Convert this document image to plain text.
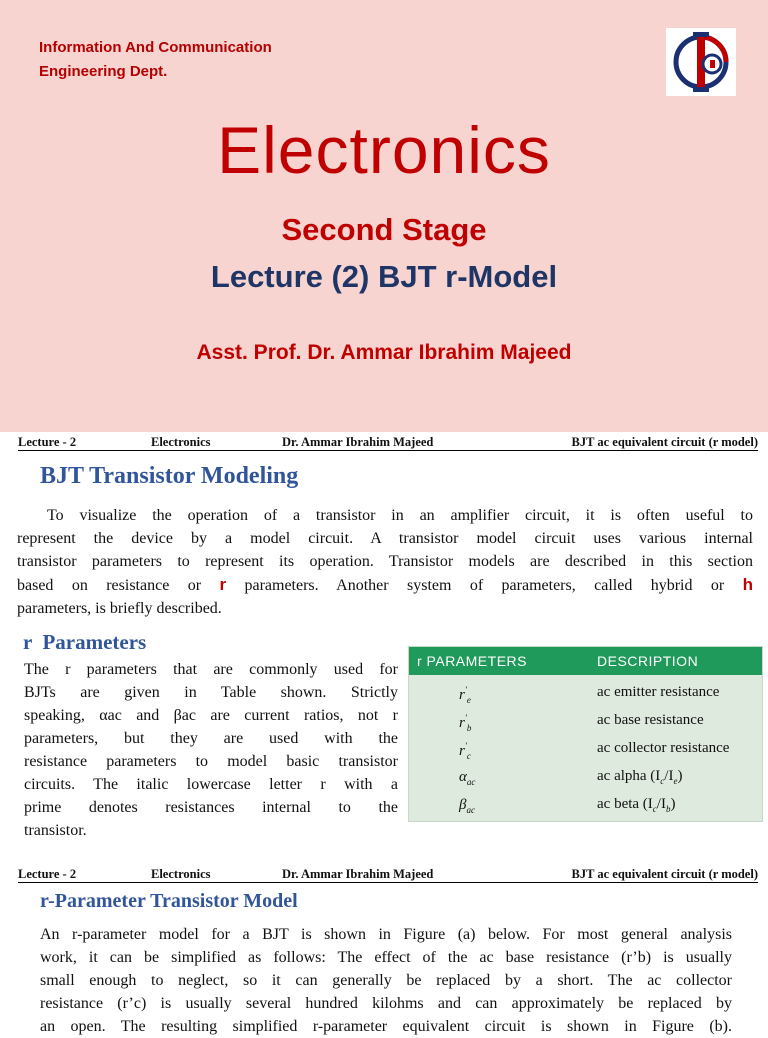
Information And Communication
Engineering Dept.
Electronics
Second Stage
Lecture (2) BJT r-Model
Asst. Prof. Dr. Ammar Ibrahim Majeed
Lecture - 2	Electronics	Dr. Ammar Ibrahim Majeed	BJT ac equivalent circuit (r model)
BJT Transistor Modeling
To visualize the operation of a transistor in an amplifier circuit, it is often useful to
represent the device by a model circuit. A transistor model circuit uses various internal
transistor parameters to represent its operation. Transistor models are described in this section
based on resistance or r parameters. Another system of parameters, called hybrid or h
parameters, is briefly described.
r  Parameters
The r parameters that are commonly used for
BJTs are given in Table shown. Strictly
speaking, αac and βac are current ratios, not r
parameters, but they are used with the
resistance parameters to model basic transistor
circuits. The italic lowercase letter r with a
prime denotes resistances internal to the
transistor.
r PARAMETERS	DESCRIPTION
$r'_e$	ac emitter resistance
$r'_b$	ac base resistance
$r'_c$	ac collector resistance
$\alpha_{ac}$	ac alpha $(I_c/I_e)$
$\beta_{ac}$	ac beta $(I_c/I_b)$
Lecture - 2	Electronics	Dr. Ammar Ibrahim Majeed	BJT ac equivalent circuit (r model)
r-Parameter Transistor Model
An r-parameter model for a BJT is shown in Figure (a) below. For most general analysis
work, it can be simplified as follows: The effect of the ac base resistance (r’b) is usually
small enough to neglect, so it can generally be replaced by a short. The ac collector
resistance (r’c) is usually several hundred kilohms and can approximately be replaced by
an open. The resulting simplified r-parameter equivalent circuit is shown in Figure (b).
